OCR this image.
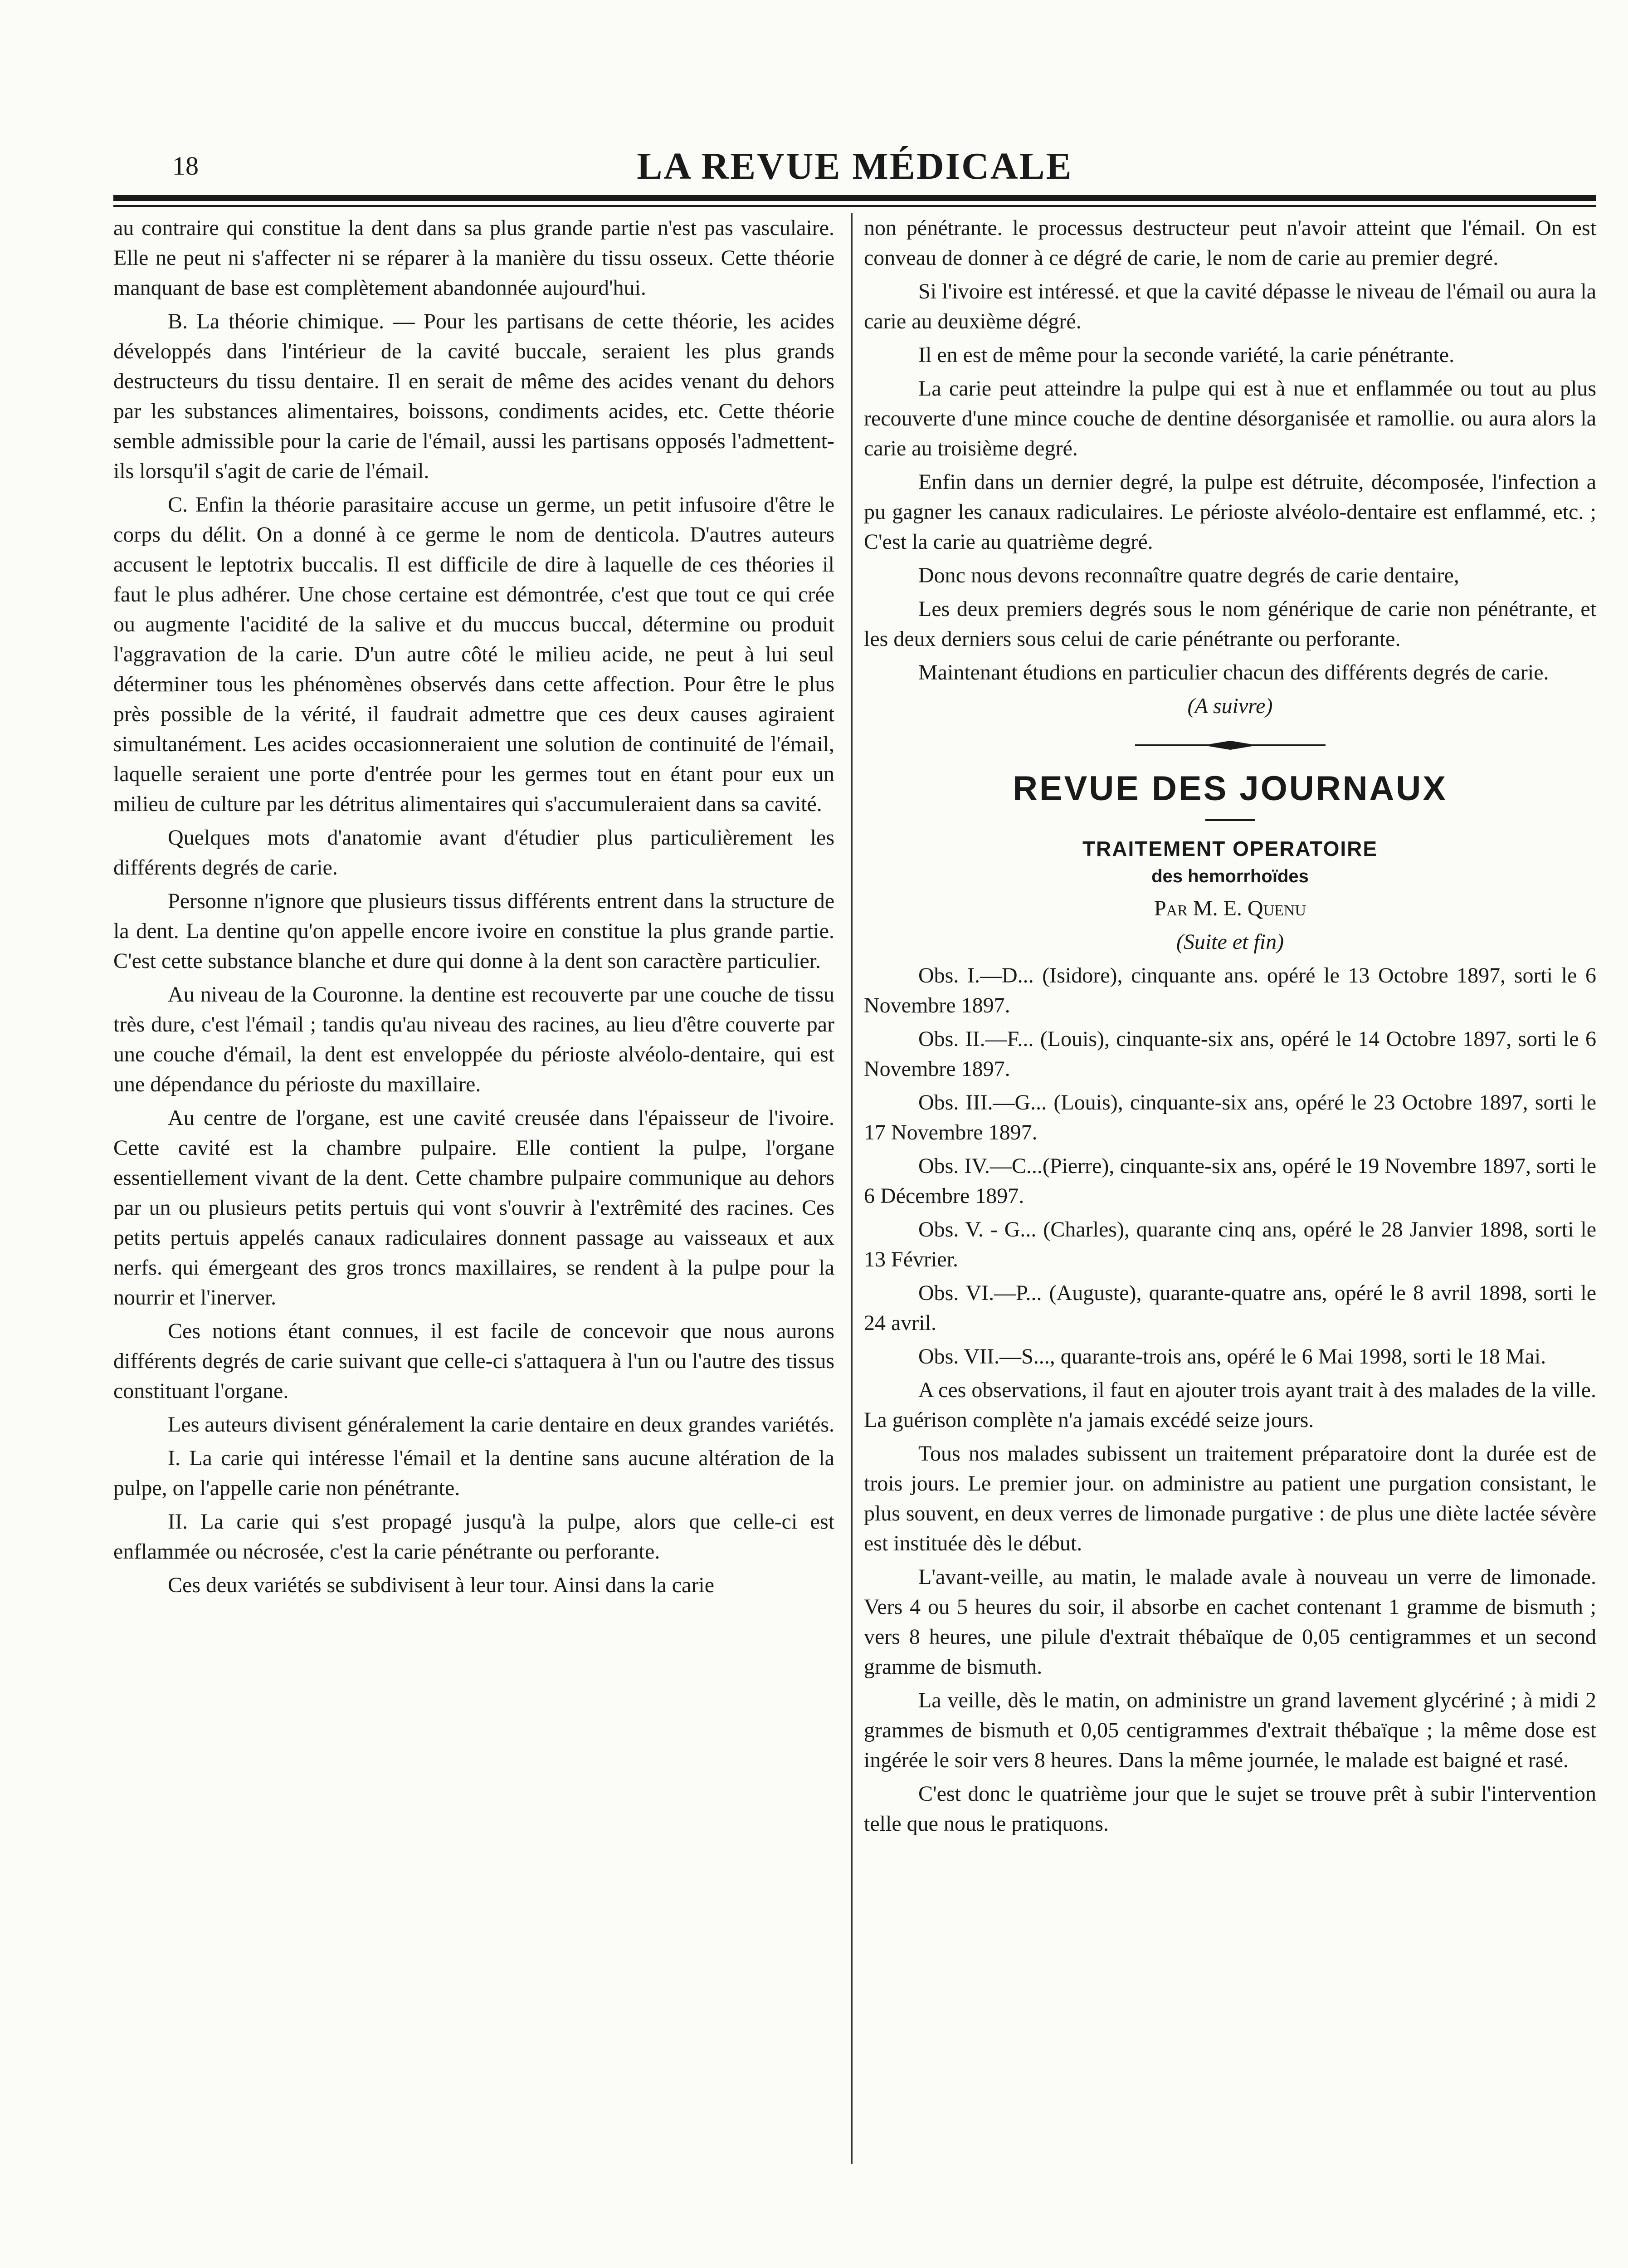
18	LA REVUE MÉDICALE

au contraire qui constitue la dent dans sa plus grande partie n'est pas vasculaire. Elle ne peut ni s'affecter ni se réparer à la manière du tissu osseux. Cette théorie manquant de base est complètement abandonnée aujourd'hui.

B. La théorie chimique. — Pour les partisans de cette théorie, les acides développés dans l'intérieur de la cavité buccale, seraient les plus grands destructeurs du tissu dentaire. Il en serait de même des acides venant du dehors par les substances alimentaires, boissons, condiments acides, etc. Cette théorie semble admissible pour la carie de l'émail, aussi les partisans opposés l'admettent-ils lorsqu'il s'agit de carie de l'émail.

C. Enfin la théorie parasitaire accuse un germe, un petit infusoire d'être le corps du délit. On a donné à ce germe le nom de denticola. D'autres auteurs accusent le leptotrix buccalis. Il est difficile de dire à laquelle de ces théories il faut le plus adhérer. Une chose certaine est démontrée, c'est que tout ce qui crée ou augmente l'acidité de la salive et du muccus buccal, détermine ou produit l'aggravation de la carie. D'un autre côté le milieu acide, ne peut à lui seul déterminer tous les phénomènes observés dans cette affection. Pour être le plus près possible de la vérité, il faudrait admettre que ces deux causes agiraient simultanément. Les acides occasionneraient une solution de continuité de l'émail, laquelle seraient une porte d'entrée pour les germes tout en étant pour eux un milieu de culture par les détritus alimentaires qui s'accumuleraient dans sa cavité.

Quelques mots d'anatomie avant d'étudier plus particulièrement les différents degrés de carie.

Personne n'ignore que plusieurs tissus différents entrent dans la structure de la dent. La dentine qu'on appelle encore ivoire en constitue la plus grande partie. C'est cette substance blanche et dure qui donne à la dent son caractère particulier.

Au niveau de la Couronne. la dentine est recouverte par une couche de tissu très dure, c'est l'émail ; tandis qu'au niveau des racines, au lieu d'être couverte par une couche d'émail, la dent est enveloppée du périoste alvéolo-dentaire, qui est une dépendance du périoste du maxillaire.

Au centre de l'organe, est une cavité creusée dans l'épaisseur de l'ivoire. Cette cavité est la chambre pulpaire. Elle contient la pulpe, l'organe essentiellement vivant de la dent. Cette chambre pulpaire communique au dehors par un ou plusieurs petits pertuis qui vont s'ouvrir à l'extrêmité des racines. Ces petits pertuis appelés canaux radiculaires donnent passage au vaisseaux et aux nerfs. qui émergeant des gros troncs maxillaires, se rendent à la pulpe pour la nourrir et l'inerver.

Ces notions étant connues, il est facile de concevoir que nous aurons différents degrés de carie suivant que celle-ci s'attaquera à l'un ou l'autre des tissus constituant l'organe.

Les auteurs divisent généralement la carie dentaire en deux grandes variétés.

I. La carie qui intéresse l'émail et la dentine sans aucune altération de la pulpe, on l'appelle carie non pénétrante.

II. La carie qui s'est propagé jusqu'à la pulpe, alors que celle-ci est enflammée ou nécrosée, c'est la carie pénétrante ou perforante.

Ces deux variétés se subdivisent à leur tour. Ainsi dans la carie

non pénétrante. le processus destructeur peut n'avoir atteint que l'émail. On est conveau de donner à ce dégré de carie, le nom de carie au premier degré.

Si l'ivoire est intéressé. et que la cavité dépasse le niveau de l'émail ou aura la carie au deuxième dégré.

Il en est de même pour la seconde variété, la carie pénétrante.

La carie peut atteindre la pulpe qui est à nue et enflammée ou tout au plus recouverte d'une mince couche de dentine désorganisée et ramollie. ou aura alors la carie au troisième degré.

Enfin dans un dernier degré, la pulpe est détruite, décomposée, l'infection a pu gagner les canaux radiculaires. Le périoste alvéolo-dentaire est enflammé, etc. ; C'est la carie au quatrième degré.

Donc nous devons reconnaître quatre degrés de carie dentaire,

Les deux premiers degrés sous le nom générique de carie non pénétrante, et les deux derniers sous celui de carie pénétrante ou perforante.

Maintenant étudions en particulier chacun des différents degrés de carie.

(A suivre)

REVUE DES JOURNAUX
TRAITEMENT OPERATOIRE

des hemorrhoïdes

Par M. E. Quenu

(Suite et fin)

Obs. I.—D... (Isidore), cinquante ans. opéré le 13 Octobre 1897, sorti le 6 Novembre 1897.

Obs. II.—F... (Louis), cinquante-six ans, opéré le 14 Octobre 1897, sorti le 6 Novembre 1897.

Obs. III.—G... (Louis), cinquante-six ans, opéré le 23 Octobre 1897, sorti le 17 Novembre 1897.

Obs. IV.—C...(Pierre), cinquante-six ans, opéré le 19 Novembre 1897, sorti le 6 Décembre 1897.

Obs. V. - G... (Charles), quarante cinq ans, opéré le 28 Janvier 1898, sorti le 13 Février.

Obs. VI.—P... (Auguste), quarante-quatre ans, opéré le 8 avril 1898, sorti le 24 avril.

Obs. VII.—S..., quarante-trois ans, opéré le 6 Mai 1998, sorti le 18 Mai.

A ces observations, il faut en ajouter trois ayant trait à des malades de la ville. La guérison complète n'a jamais excédé seize jours.

Tous nos malades subissent un traitement préparatoire dont la durée est de trois jours. Le premier jour. on administre au patient une purgation consistant, le plus souvent, en deux verres de limonade purgative : de plus une diète lactée sévère est instituée dès le début.

L'avant-veille, au matin, le malade avale à nouveau un verre de limonade. Vers 4 ou 5 heures du soir, il absorbe en cachet contenant 1 gramme de bismuth ; vers 8 heures, une pilule d'extrait thébaïque de 0,05 centigrammes et un second gramme de bismuth.

La veille, dès le matin, on administre un grand lavement glycériné ; à midi 2 grammes de bismuth et 0,05 centigrammes d'extrait thébaïque ; la même dose est ingérée le soir vers 8 heures. Dans la même journée, le malade est baigné et rasé.

C'est donc le quatrième jour que le sujet se trouve prêt à subir l'intervention telle que nous le pratiquons.
